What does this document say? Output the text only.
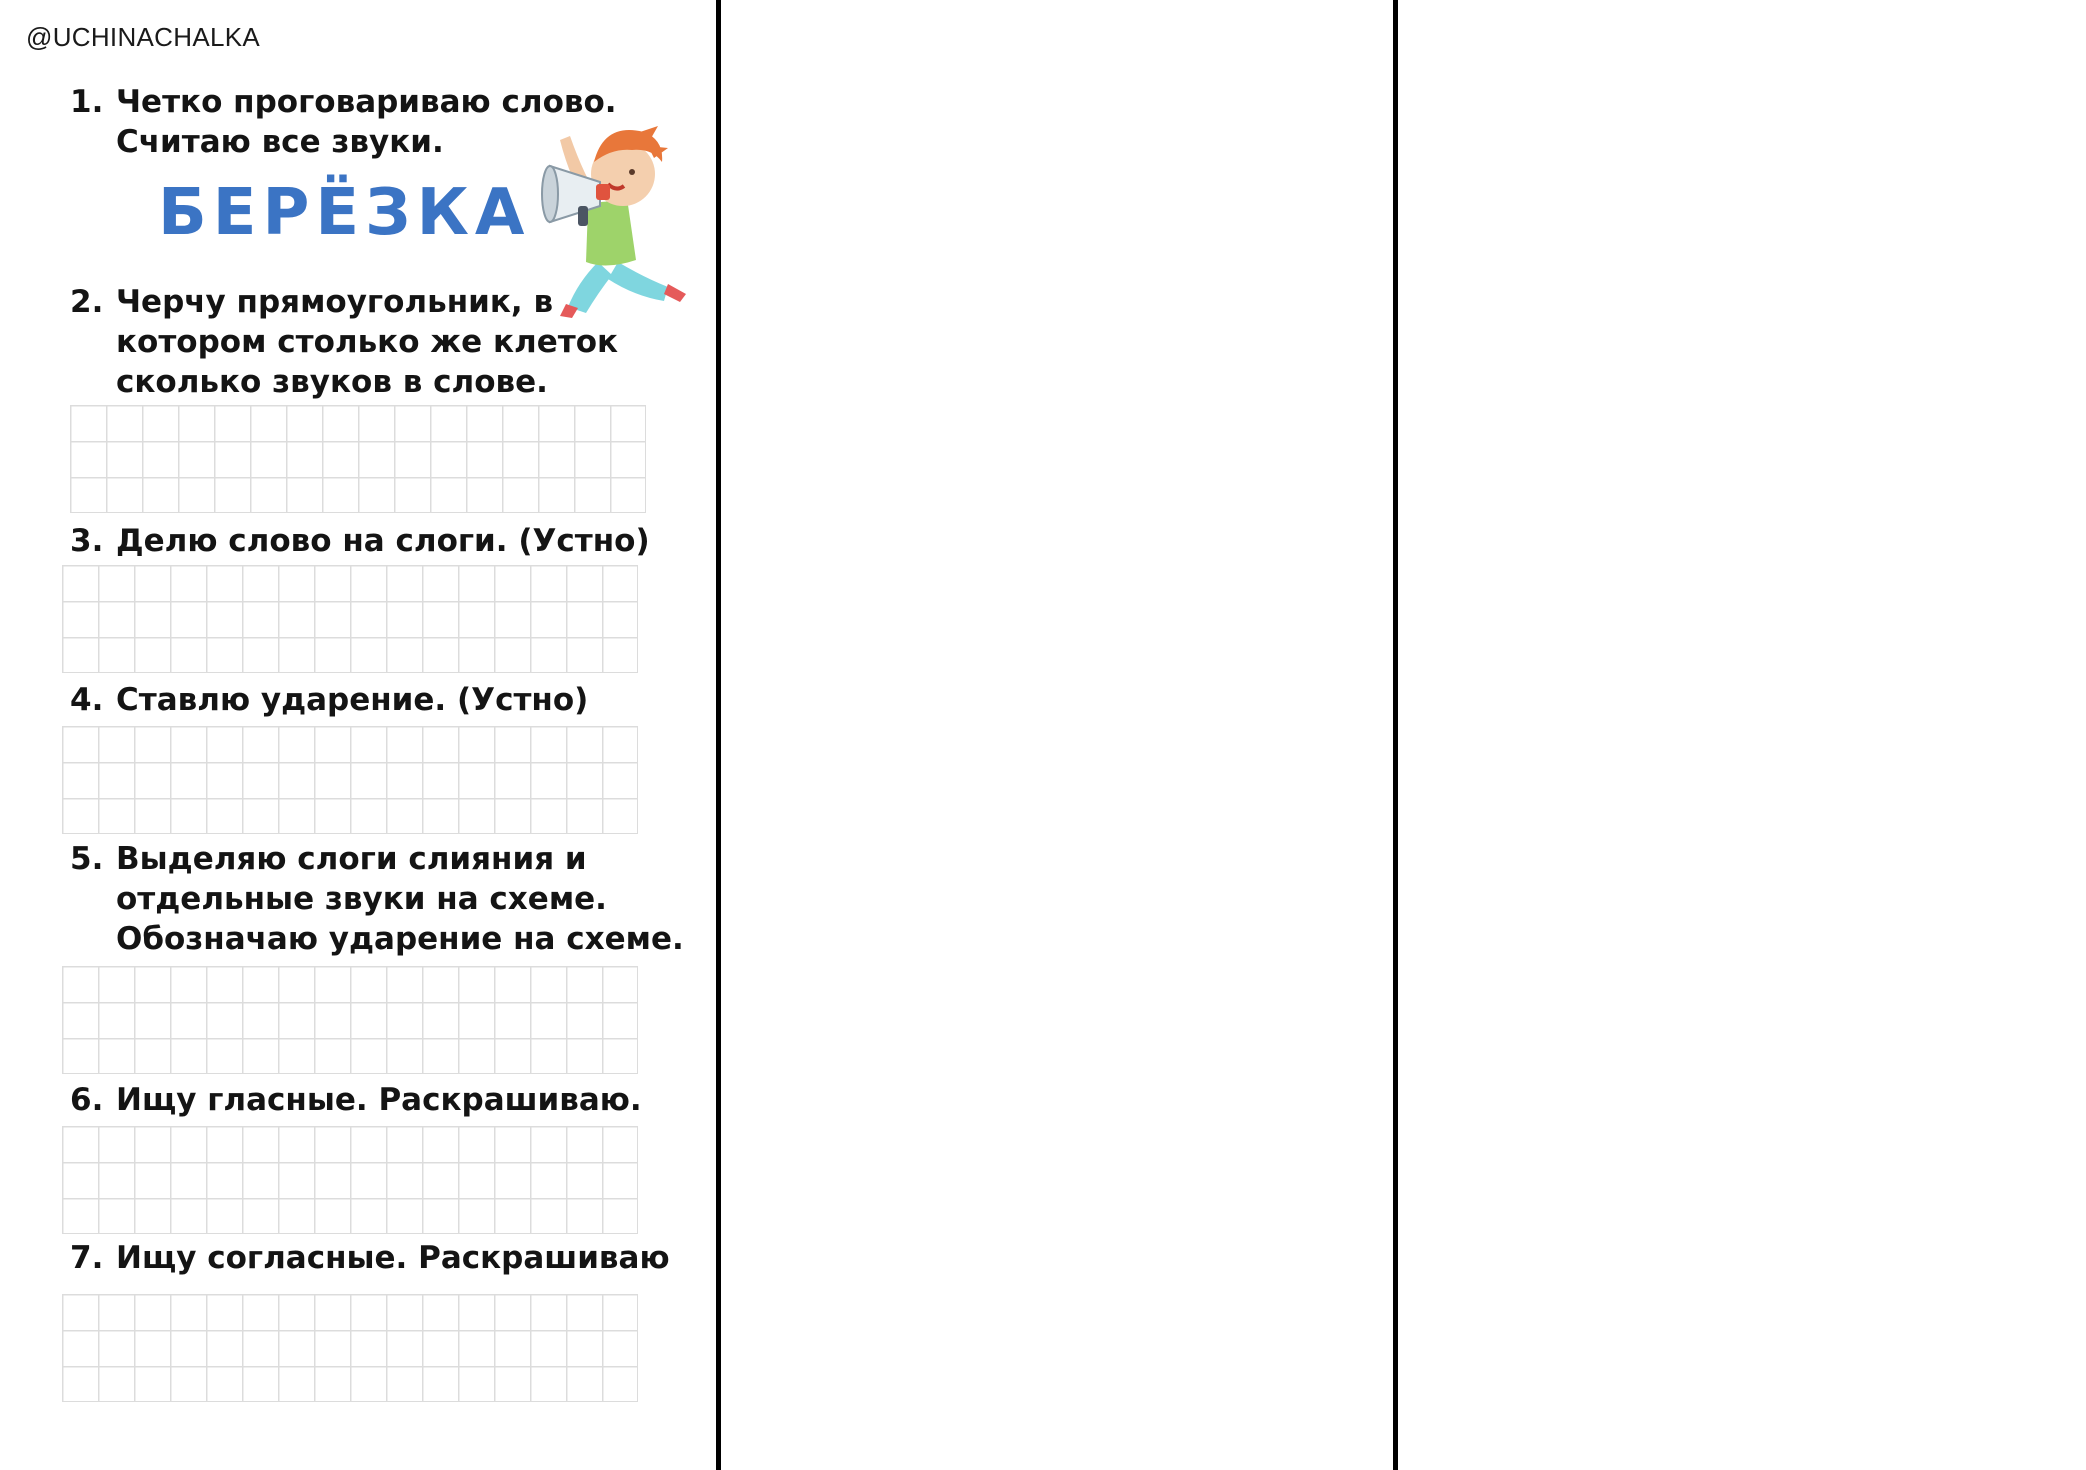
@UCHINACHALKA
1. Четко проговариваю слово.
Считаю все звуки.
2. Черчу прямоугольник, в
котором столько же клеток
сколько звуков в слове.
3. Делю слово на слоги. (Устно)
4. Ставлю ударение. (Устно)
5. Выделяю слоги слияния и
отдельные звуки на схеме.
Обозначаю ударение на схеме.
6. Ищу гласные. Раскрашиваю.
7. Ищу согласные. Раскрашиваю
БЕРЁЗКА
